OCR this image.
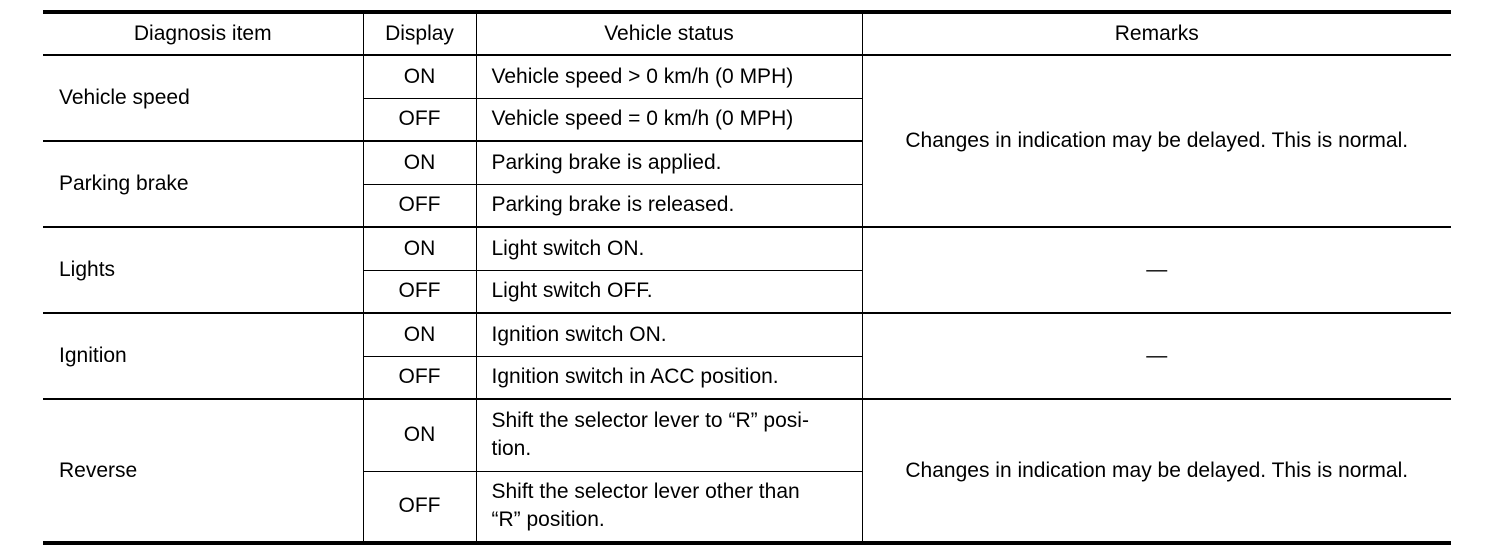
Diagnosis item	Display	Vehicle status	Remarks
Vehicle speed	ON	Vehicle speed > 0 km/h (0 MPH)	Changes in indication may be delayed. This is normal.
	OFF	Vehicle speed = 0 km/h (0 MPH)	
Parking brake	ON	Parking brake is applied.	
	OFF	Parking brake is released.	
Lights	ON	Light switch ON.	—
	OFF	Light switch OFF.	
Ignition	ON	Ignition switch ON.	—
	OFF	Ignition switch in ACC position.	
Reverse	ON	Shift the selector lever to “R” posi-
tion.	Changes in indication may be delayed. This is normal.
	OFF	Shift the selector lever other than
“R” position.	
